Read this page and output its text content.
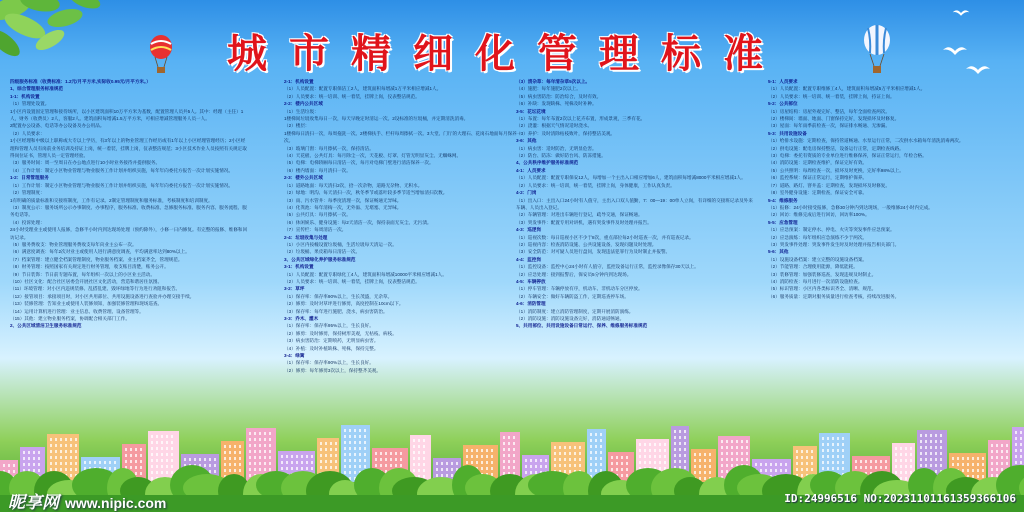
城市精细化管理标准

四级服务标准（收费标准：1.2元/月平方米,实际收0.95元/月平方米。）

1、综合管理服务标准规范

1-1：机构设置

（1）管理处设置。

1小区内设置固定管理和接待场所，以小区建筑面积10万平方米为基数，配置管理人员共5人。其中：经理（主任）1人，财务（收费员）2人，客服2人。建筑面积每增减1.5万平方米，可相应增减管理服务人员一人。

2配置办公设备、电话等办公设备及办公用品。

（2）人员要求：

1小区经理和中级以上职称或大专以上学历，有3年以上的物业管理工作经历或有1年以上小区经理管理经历；2小区经理和管理人员有岗前业务培训及持证上岗，统一着装，挂牌上岗，仪表整洁规范；3小区技术作业人员按照有关规定取得岗位证书，管理人员一定管理经验。

（3）服务时间：周一至周日在办公地点进行10小时业务接待并提供服务。

（4）工作计划：制定小区物业管理与物业服务工作计划并组织实施，每年年向委托方报告一次计划实施情况。

1-2：日常管理服务

（1）工作计划：制定小区物业管理与物业服务工作计划并组织实施，每年年向委托方报告一次计划实施情况。

（2）管理制度：

1有明确的质量标准和交接班制度，工作有记录。2制定管理制度和服务标准，考核制度和培训制度。

（3）制度公示：服务场所公示办事制度、办事程序，服务标准、收费标准、急修服务标准、服务内容、服务流程、服务电话等。

（4）投诉处理：

24小时受理业主或使用人报修，急修半小时内到达现场处理（预约除外），小修一日内修复。有完整的报修、维修和回访记录。

（5）服务费收支：物业管理服务费收支每年向业主公布一次。

（6）满意度调查：每年2次对业主或使用人进行满意度调查，平均满意率达到80%以上。

（7）档案管理：建立健全档案管理制度，物业服务档案、业主档案齐全，管理规范。

（8）财务管理：按照国家有关规定进行财务管理，收支账目清楚，账务公开。

（9）节日装饰：节日前专题布置，每年组织一次以上的小区业主活动。

（10）社区文化：配合社区居委会开展社区文化活动，营造和谐居住氛围。

（11）环境管理：对小区内违规装修、乱搭乱建、毁坏绿地等行为进行劝阻和报告。

（12）接管项目：承接项目时，对小区共用部位、共用设施设备进行查验并办理交接手续。

（13）装修管理：告知业主或使用人装修须知，加强装修管理和现场巡查。

（14）运用计算机进行管理：业主信息、收费管理、设备管理等。

（15）其他：建立物业服务档案，协调配合相关部门工作。

2、公共区域清洁卫生服务标准规范

2-1：机构设置

（1）人员配置：配置专职保洁工2人，建筑面积每增减1万平米相应增减1人。

（2）人员要求：统一培训、统一着装，挂牌上岗，仪表整洁规范。

2-2：楼内公共区域

（1）生活垃圾：

1楼梯间垃圾收集每日一次，每天早晚定时清运一次。2设标准的垃圾桶，并定期清洗消毒。

（2）楼层：

1楼梯每日清扫一次，每周拖洗一次。2楼梯扶手、栏杆每周擦拭一次。3大堂、门厅的大理石、花岗石地面每月保养一次。

（3）玻璃门窗：每月擦拭一次，保持清洁。

（4）天花板、公共灯具：每月除尘一次，天花板、灯罩、灯管无明显灰尘、无蜘蛛网。

（5）电梯：电梯轿厢每日清洁一次，每月对电梯门壁进行清洁保养一次。

（6）楼内墙面：每月清扫一次。

2-3：楼外公共区域

（1）道路地面：每天清扫2次，拾一次杂物，道路无杂物、无积水。

（2）绿地：明沟、每天清扫一次，秋冬季节或落叶较多季节适当增加清扫次数。

（3）雨、污水管井：每季度清理一次，保证畅通无异味。

（4）化粪池：每年清掏一次，无外溢、无堵塞、无异味。

（5）公共灯具：每月擦拭一次。

（6）休闲娱乐、健身设施：每2天清洁一次，保持表面无灰尘、无污渍。

（7）宣传栏：每周清洁一次。

2-4：垃圾收集与处理

（1）小区内按幢设置垃圾桶，生活垃圾每天清运一次。

（2）垃圾桶、果皮箱每日清洁一次。

3、公共区域绿化养护服务标准规范

3-1：机构设置

（1）人员配置：配置专职绿化工4人，建筑面积每增减10000平米相应增减1人。

（2）人员要求：统一培训、统一着装，挂牌上岗，仪表整洁规范。

3-2：草坪

（1）保存率：保存率90%以上，生长茂盛，无杂草。

（2）修剪：及时对草坪进行修剪，高度控制在10cm以下。

（3）保存率：每年进行施肥、浇水，病虫害防治。

3-3：乔木、灌木

（1）保存率：保存率95%以上，生长良好。

（2）修剪：及时修剪，保持树形美观，无枯枝、病枝。

（3）病虫害防治：定期喷药，无明显病虫害。

（4）补植：及时补植缺株、死株，保持完整。

3-4：绿篱

（1）保存率：保存率90%以上，生长良好。

（2）修剪：每年修剪3次以上，保持整齐美观。

（3）清杂草：每年清杂草5次以上。

（4）施肥：每年施肥2次以上。

（5）病虫害防治：防治综合，及时有效。

（6）补缺：发现缺株、死株及时补种。

3-5：花坛花境

（1）布置：每年布置2次以上花卉布置，形成景观，三季有花。

（2）浇灌：根据天气情况适时浇水。

（3）养护：及时清除枯枝败叶，保持整洁美观。

3-6：其他

（1）病虫害：适时防治，无明显危害。

（2）防台、防冻：做好防台风、防冻措施。

4、公共秩序维护服务标准规范

4-1：人员要求

（1）人员配置：配置专职保安12人，每增加一个主出入口相应增加6人，建筑面积每增减8000平米相应增减1人。

（2）人员要求：统一培训，统一着装，挂牌上岗，身体健康，工作认真负责。

4-2：门岗

（1）出入口：主出入口24小时有人值守，主出入口双人值勤，7：00—19：00单人立岗，有详细的交接班记录及外来车辆、人员出入登记。

（2）车辆管理：对进出车辆进行登记，疏导交通，保证畅通。

（3）突发事件：配置专用对讲机，遇有突发事件及时处理并报告。

4-3：巡逻岗

（1）巡视次数：每日巡视小区不少于8次，重点部位每2小时巡查一次，并有巡查记录。

（2）巡视内容：检查消防设施、公共设施设备，发现问题及时处理。

（3）安全防范：对可疑人员进行盘问，发现违法犯罪行为及时制止并报警。

4-4：监控岗

（1）监控设备：监控中心24小时有人值守，监控设备运行正常，监控录像保存30天以上。

（2）应急处理：接到报警后，保安员5分钟内到达现场。

4-5：车辆停放

（1）停车管理：车辆停放有序，机动车、非机动车分区停放。

（2）车辆安全：做好车辆防盗工作，定期巡查停车场。

4-6：消防管理

（1）消防制度：建立消防管理制度，定期开展消防演练。

（2）消防设施：消防设施设备完好，消防通道畅通。

5、共用部位、共用设施设备日常运行、保养、维修服务标准规范

5-1：人员要求

（1）人员配置：配置专职维修工4人，建筑面积每增减5万平米相应增减1人。

（2）人员要求：统一培训、统一着装，挂牌上岗，持证上岗。

5-2：公共部位

（1）房屋结构：房屋外观完好、整洁，每年全面检查两次。

（2）楼梯间：墙面、地面、门窗保持完好，发现损坏及时修复。

（3）屋面：每年雨季前检查一次，保证排水畅通、无渗漏。

5-3：共用设施设备

（1）给排水设施：定期检查，保持管道畅通、水泵运行正常，二次供水水箱每年清洗消毒两次。

（2）供电设施：配电房保持整洁，设备运行正常，定期检查线路。

（3）电梯：委托有资质的专业单位进行维修保养，保证正常运行，年检合格。

（4）消防设施：定期检查维护，保证完好有效。

（5）公共照明：每周检查一次，损坏及时更换，完好率98%以上。

（6）监控系统：保证正常运行，定期维护保养。

（7）道路、路灯、窨井盖：定期检查，发现损坏及时修复。

（8）室外健身设施：定期检查，保证安全可靠。

5-4：维修服务

（1）报修：24小时接受报修，急修30分钟内到达现场，一般维修24小时内完成。

（2）回访：维修完成后进行回访，回访率100%。

5-5：应急管理

（1）应急预案：制定停水、停电、火灾等突发事件应急预案。

（2）应急演练：每年组织应急演练不少于两次。

（3）突发事件处理：突发事件发生时及时处理并报告相关部门。

5-6：其他

（1）设施设备档案：建立完整的设施设备档案。

（2）节能管理：合理使用能源，降低能耗。

（3）装修管理：加强装修巡查，发现违规及时制止。

（4）消防检查：每月进行一次消防设施检查。

（5）标识管理：小区内各类标识齐全、清晰、规范。

（6）服务质量：定期对服务质量进行检查考核，持续改进服务。

昵享网 www.nipic.com	ID:24996516 NO:20231101161359366106
